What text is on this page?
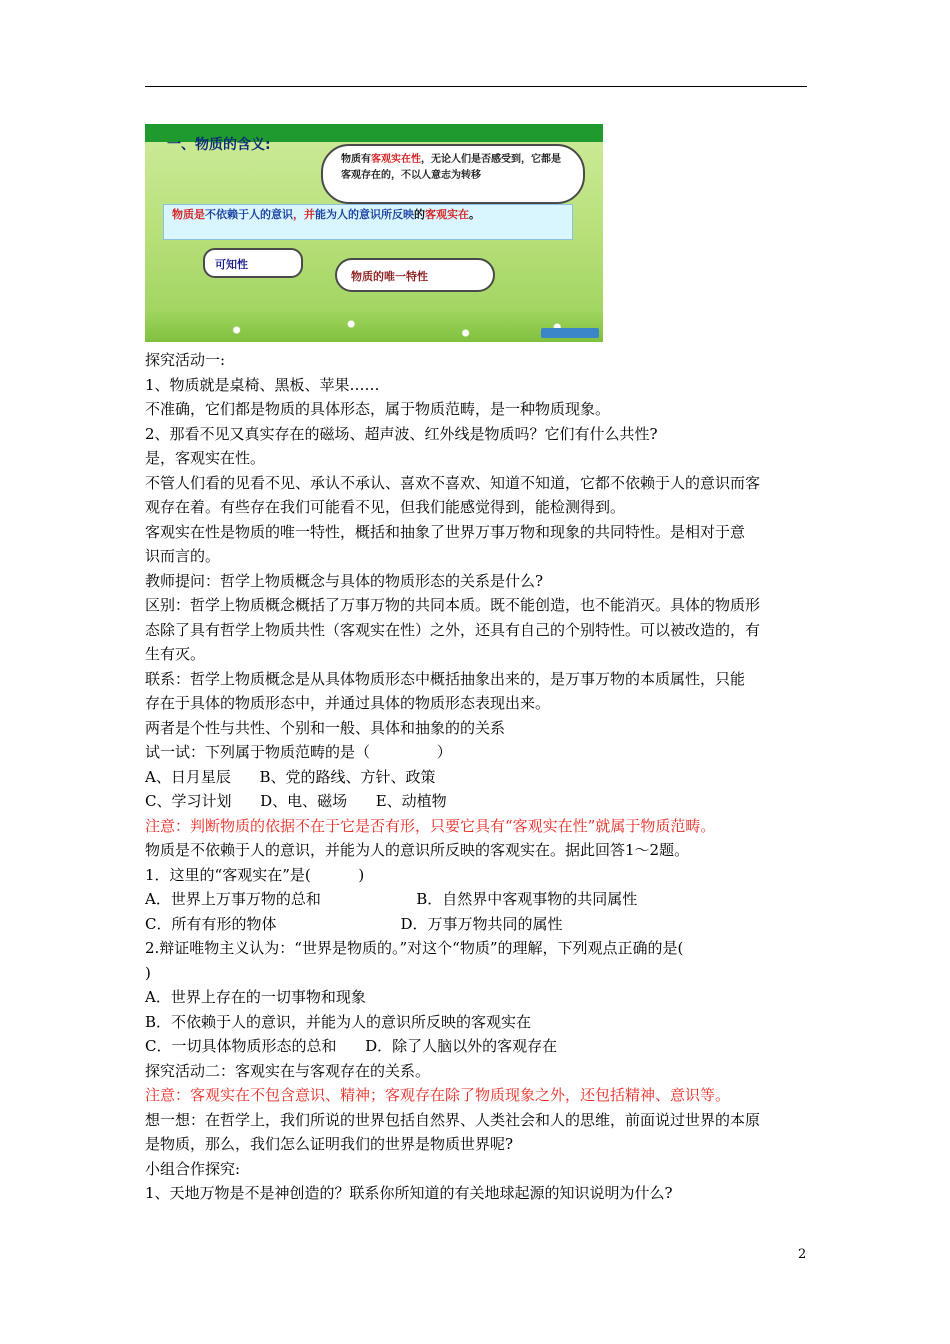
一、物质的含义:
物质有客观实在性，无论人们是否感受到，它都是客观存在的，不以人意志为转移
物质是不依赖于人的意识，并能为人的意识所反映的客观实在。
可知性
物质的唯一特性

探究活动一:

1、物质就是桌椅、黑板、苹果……

不准确，它们都是物质的具体形态，属于物质范畴，是一种物质现象。

2、那看不见又真实存在的磁场、超声波、红外线是物质吗？它们有什么共性?

是，客观实在性。

不管人们看的见看不见、承认不承认、喜欢不喜欢、知道不知道，它都不依赖于人的意识而客

观存在着。有些存在我们可能看不见，但我们能感觉得到，能检测得到。

客观实在性是物质的唯一特性，概括和抽象了世界万事万物和现象的共同特性。是相对于意

识而言的。

教师提问：哲学上物质概念与具体的物质形态的关系是什么?

区别：哲学上物质概念概括了万事万物的共同本质。既不能创造，也不能消灭。具体的物质形

态除了具有哲学上物质共性（客观实在性）之外，还具有自己的个别特性。可以被改造的，有

生有灭。

联系：哲学上物质概念是从具体物质形态中概括抽象出来的，是万事万物的本质属性，只能

存在于具体的物质形态中，并通过具体的物质形态表现出来。

两者是个性与共性、个别和一般、具体和抽象的的关系

试一试：下列属于物质范畴的是（              ）

A、日月星辰      B、党的路线、方针、政策

C、学习计划      D、电、磁场      E、动植物

注意：判断物质的依据不在于它是否有形，只要它具有“客观实在性”就属于物质范畴。

物质是不依赖于人的意识，并能为人的意识所反映的客观实在。据此回答1～2题。

1．这里的“客观实在”是(          )

A．世界上万事万物的总和                    B．自然界中客观事物的共同属性

C．所有有形的物体                          D．万事万物共同的属性

2.辩证唯物主义认为：“世界是物质的。”对这个“物质”的理解，下列观点正确的是(

)

A．世界上存在的一切事物和现象

B．不依赖于人的意识，并能为人的意识所反映的客观实在

C．一切具体物质形态的总和      D．除了人脑以外的客观存在

探究活动二：客观实在与客观存在的关系。

注意：客观实在不包含意识、精神；客观存在除了物质现象之外，还包括精神、意识等。

想一想：在哲学上，我们所说的世界包括自然界、人类社会和人的思维，前面说过世界的本原

是物质，那么，我们怎么证明我们的世界是物质世界呢?

小组合作探究:

1、天地万物是不是神创造的？联系你所知道的有关地球起源的知识说明为什么?

2
